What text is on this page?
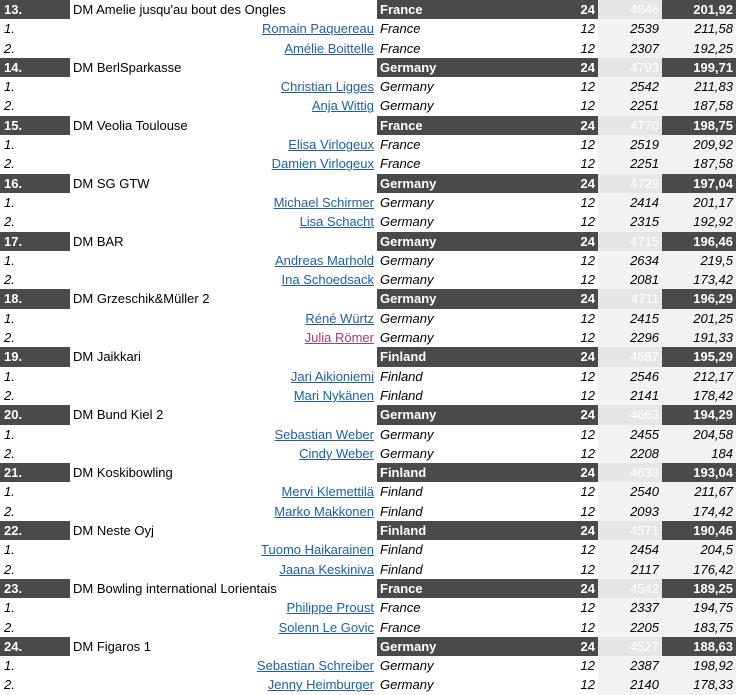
13.	DM Amelie jusqu'au bout des Ongles	France	24	4846	201,92
1.	Romain Paquereau France	12	2539	211,58
2.	Amélie Boittelle France	12	2307	192,25
14.	DM BerlSparkasse	Germany	24	4793	199,71
1.	Christian Ligges Germany	12	2542	211,83
2.	Anja Wittig Germany	12	2251	187,58
15.	DM Veolia Toulouse	France	24	4770	198,75
1.	Elisa Virlogeux France	12	2519	209,92
2.	Damien Virlogeux France	12	2251	187,58
16.	DM SG GTW	Germany	24	4729	197,04
1.	Michael Schirmer Germany	12	2414	201,17
2.	Lisa Schacht Germany	12	2315	192,92
17.	DM BAR	Germany	24	4715	196,46
1.	Andreas Marhold Germany	12	2634	219,5
2.	Ina Schoedsack Germany	12	2081	173,42
18.	DM Grzeschik&Müller 2	Germany	24	4711	196,29
1.	Réné Würtz Germany	12	2415	201,25
2.	Julia Römer Germany	12	2296	191,33
19.	DM Jaikkari	Finland	24	4687	195,29
1.	Jari Aikioniemi Finland	12	2546	212,17
2.	Mari Nykänen Finland	12	2141	178,42
20.	DM Bund Kiel 2	Germany	24	4663	194,29
1.	Sebastian Weber Germany	12	2455	204,58
2.	Cindy Weber Germany	12	2208	184
21.	DM Koskibowling	Finland	24	4633	193,04
1.	Mervi Klemettilä Finland	12	2540	211,67
2.	Marko Makkonen Finland	12	2093	174,42
22.	DM Neste Oyj	Finland	24	4571	190,46
1.	Tuomo Haikarainen Finland	12	2454	204,5
2.	Jaana Keskiniva Finland	12	2117	176,42
23.	DM Bowling international Lorientais	France	24	4542	189,25
1.	Philippe Proust France	12	2337	194,75
2.	Solenn Le Govic France	12	2205	183,75
24.	DM Figaros 1	Germany	24	4527	188,63
1.	Sebastian Schreiber Germany	12	2387	198,92
2.	Jenny Heimburger Germany	12	2140	178,33
